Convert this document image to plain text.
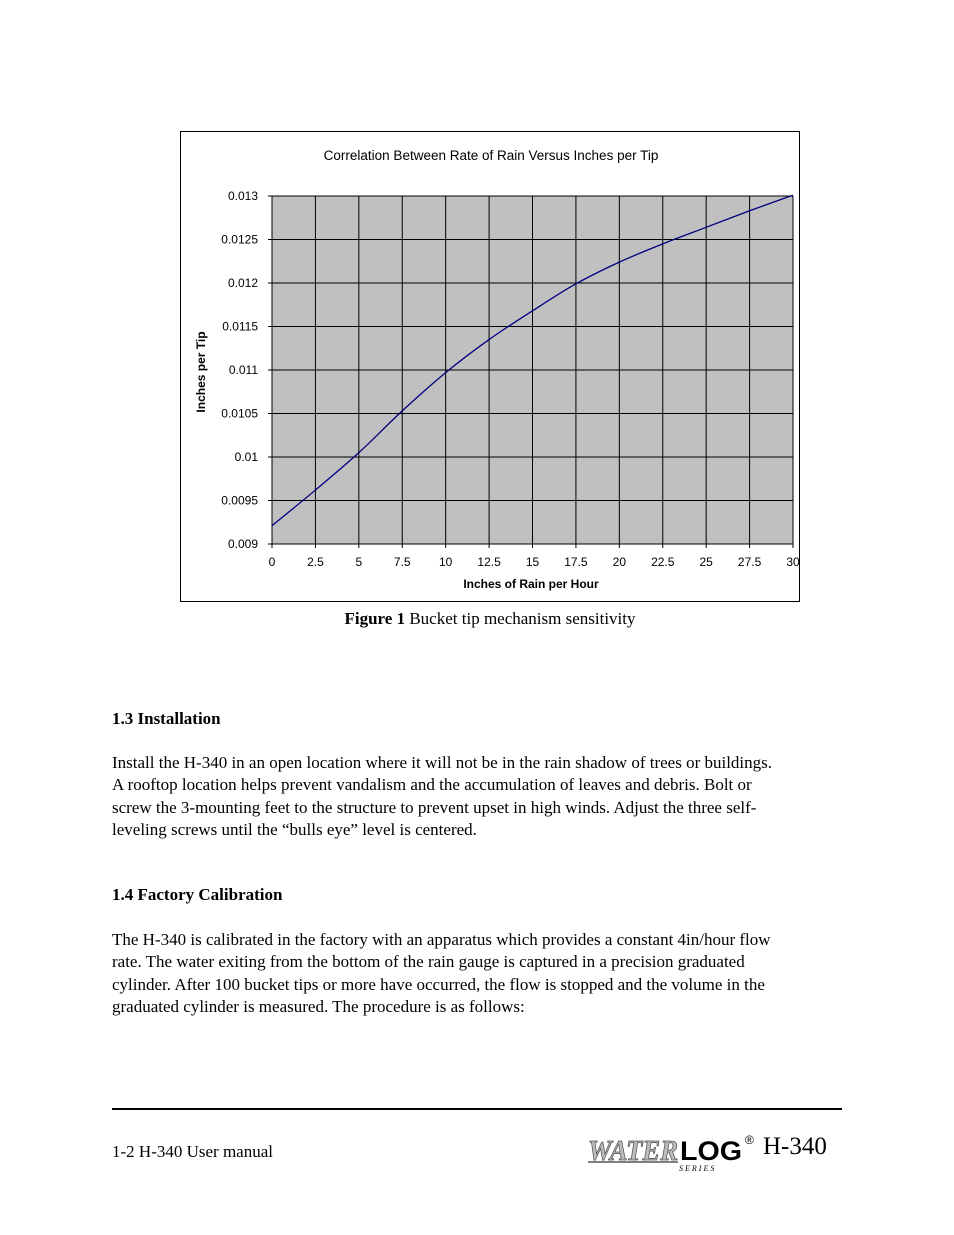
Correlation Between Rate of Rain Versus Inches per Tip
0.009
0.0095
0.01
0.0105
0.011
0.0115
0.012
0.0125
0.013
0	2.5	5	7.5 10 12.5 15 17.5 20 22.5 25 27.5 30
Inches of Rain per Hour
Inches per Tip
Figure 1 Bucket tip mechanism sensitivity
1.3 Installation
Install the H-340 in an open location where it will not be in the rain shadow of trees or buildings.
A rooftop location helps prevent vandalism and the accumulation of leaves and debris. Bolt or
screw the 3-mounting feet to the structure to prevent upset in high winds. Adjust the three self-
leveling screws until the “bulls eye” level is centered.
1.4 Factory Calibration
The H-340 is calibrated in the factory with an apparatus which provides a constant 4in/hour flow
rate. The water exiting from the bottom of the rain gauge is captured in a precision graduated
cylinder. After 100 bucket tips or more have occurred, the flow is stopped and the volume in the
graduated cylinder is measured. The procedure is as follows:
1-2 H-340 User manual	WATER LOG ®
S E R I E S
H-340
